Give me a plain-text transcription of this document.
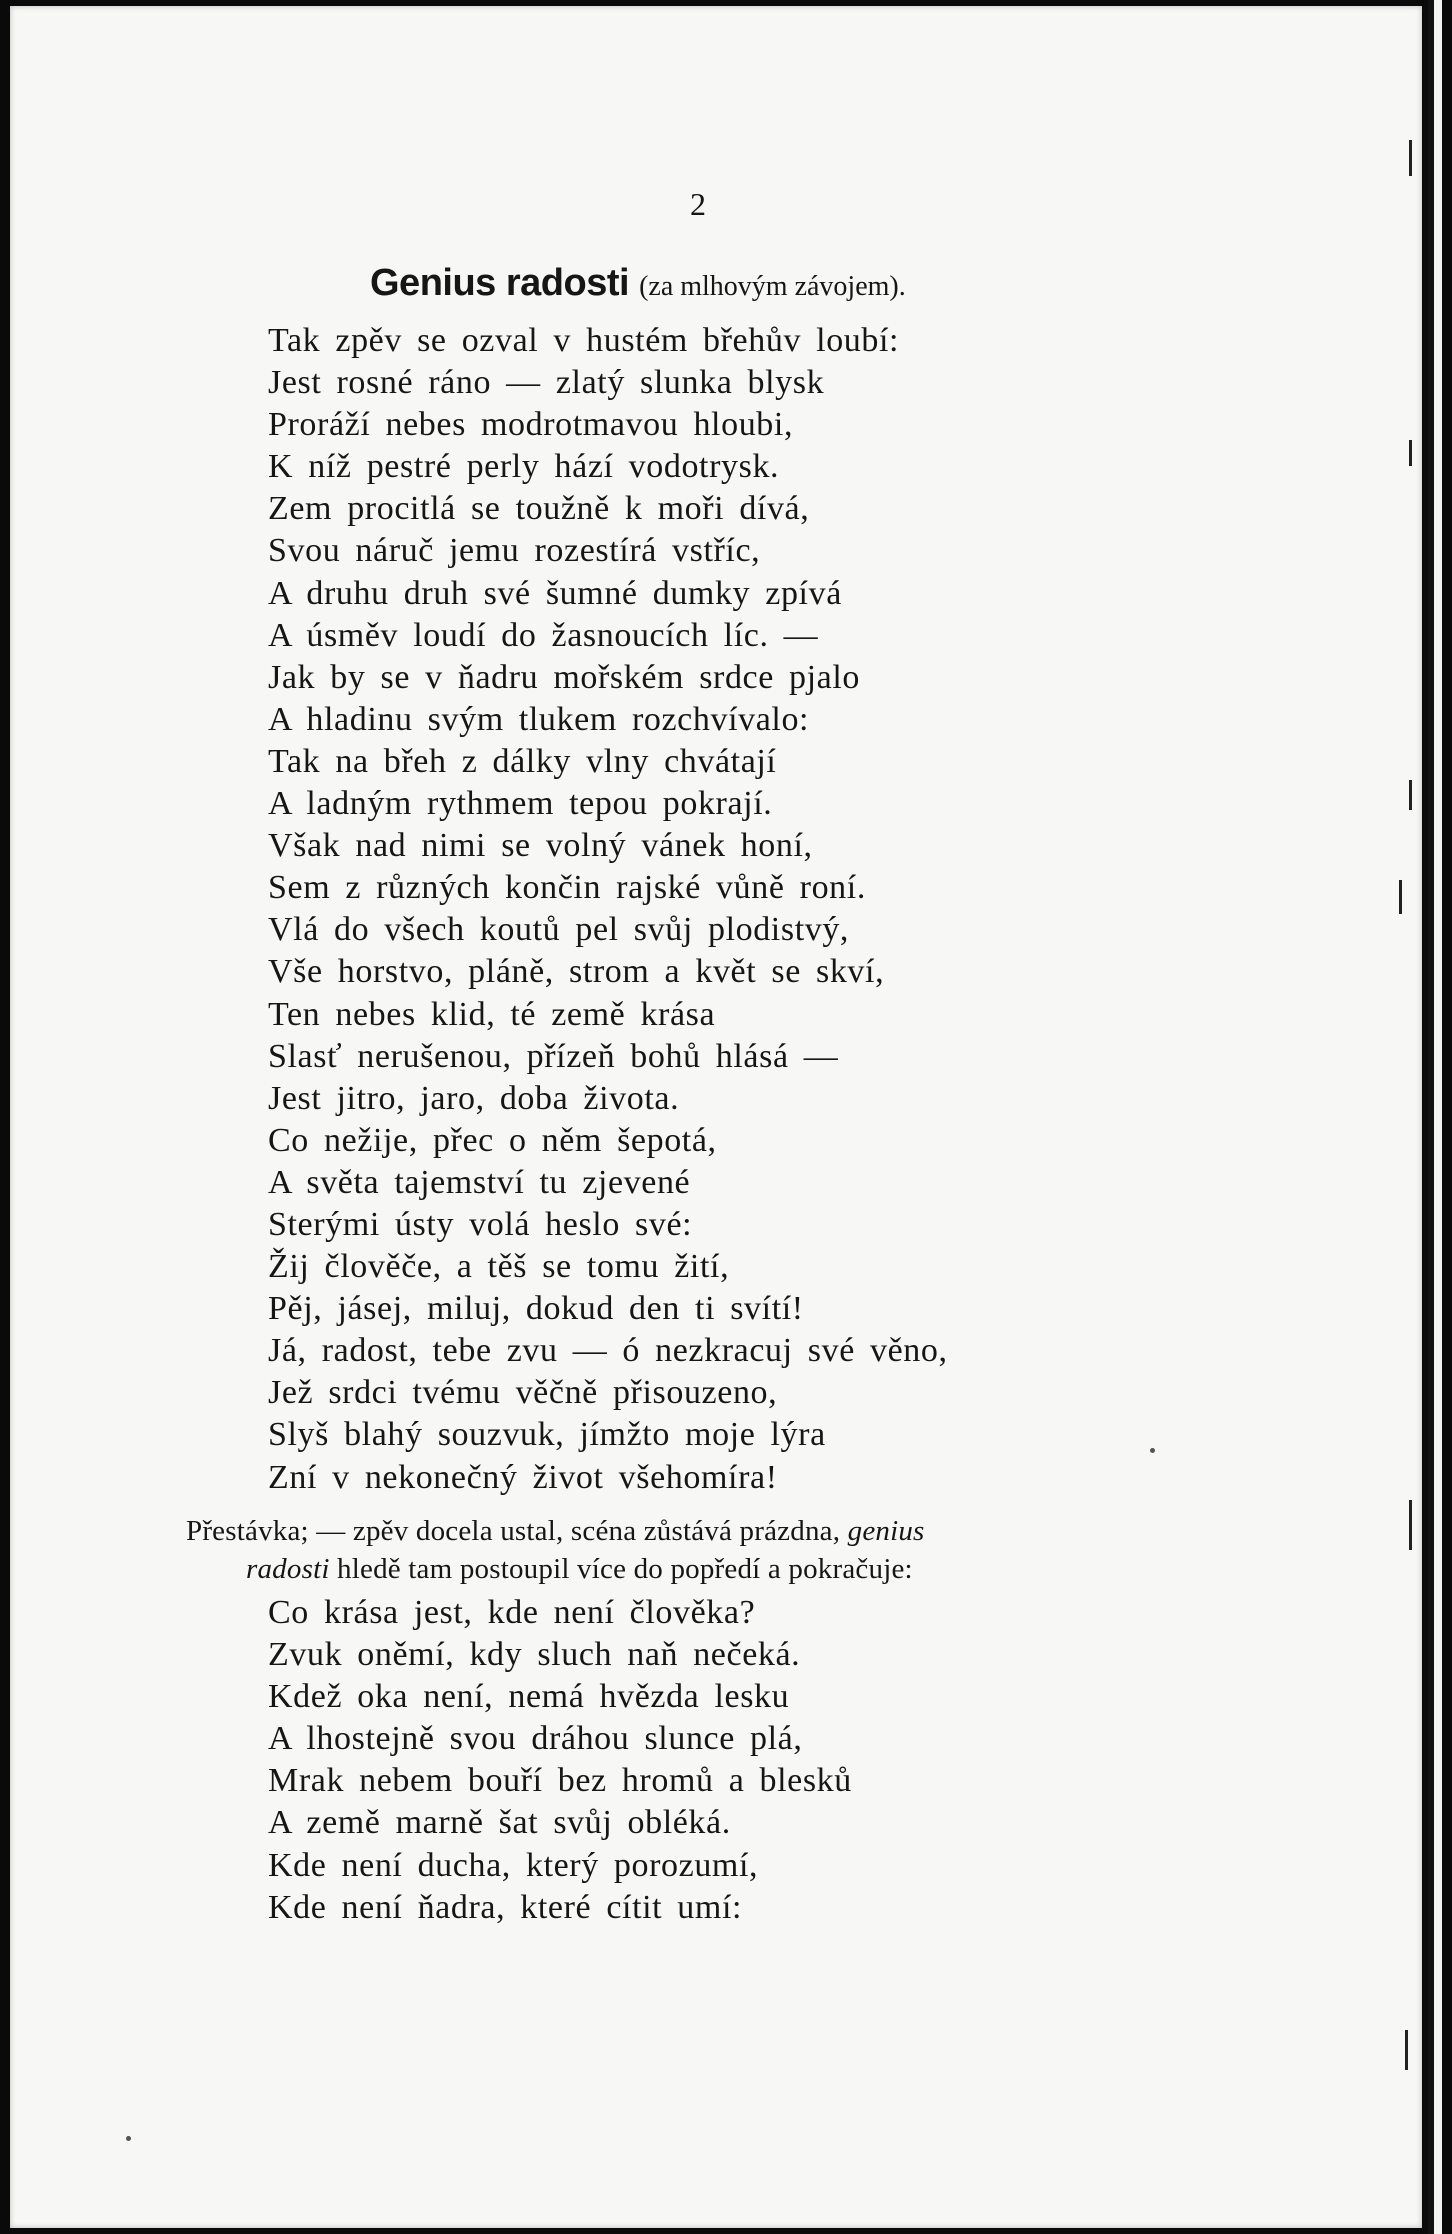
2
Genius radosti (za mlhovým závojem).
Tak zpěv se ozval v hustém břehův loubí:
Jest rosné ráno — zlatý slunka blysk
Proráží nebes modrotmavou hloubi,
K níž pestré perly hází vodotrysk.
Zem procitlá se toužně k moři dívá,
Svou náruč jemu rozestírá vstříc,
A druhu druh své šumné dumky zpívá
A úsměv loudí do žasnoucích líc. —
Jak by se v ňadru mořském srdce pjalo
A hladinu svým tlukem rozchvívalo:
Tak na břeh z dálky vlny chvátají
A ladným rythmem tepou pokrají.
Však nad nimi se volný vánek honí,
Sem z různých končin rajské vůně roní.
Vlá do všech koutů pel svůj plodistvý,
Vše horstvo, pláně, strom a květ se skví,
Ten nebes klid, té země krása
Slasť nerušenou, přízeň bohů hlásá —
Jest jitro, jaro, doba života.
Co nežije, přec o něm šepotá,
A světa tajemství tu zjevené
Sterými ústy volá heslo své:
Žij člověče, a těš se tomu žití,
Pěj, jásej, miluj, dokud den ti svítí!
Já, radost, tebe zvu — ó nezkracuj své věno,
Jež srdci tvému věčně přisouzeno,
Slyš blahý souzvuk, jímžto moje lýra
Zní v nekonečný život všehomíra!
Přestávka; — zpěv docela ustal, scéna zůstává prázdna, genius
radosti hledě tam postoupil více do popředí a pokračuje:
Co krása jest, kde není člověka?
Zvuk oněmí, kdy sluch naň nečeká.
Kdež oka není, nemá hvězda lesku
A lhostejně svou dráhou slunce plá,
Mrak nebem bouří bez hromů a blesků
A země marně šat svůj obléká.
Kde není ducha, který porozumí,
Kde není ňadra, které cítit umí:
